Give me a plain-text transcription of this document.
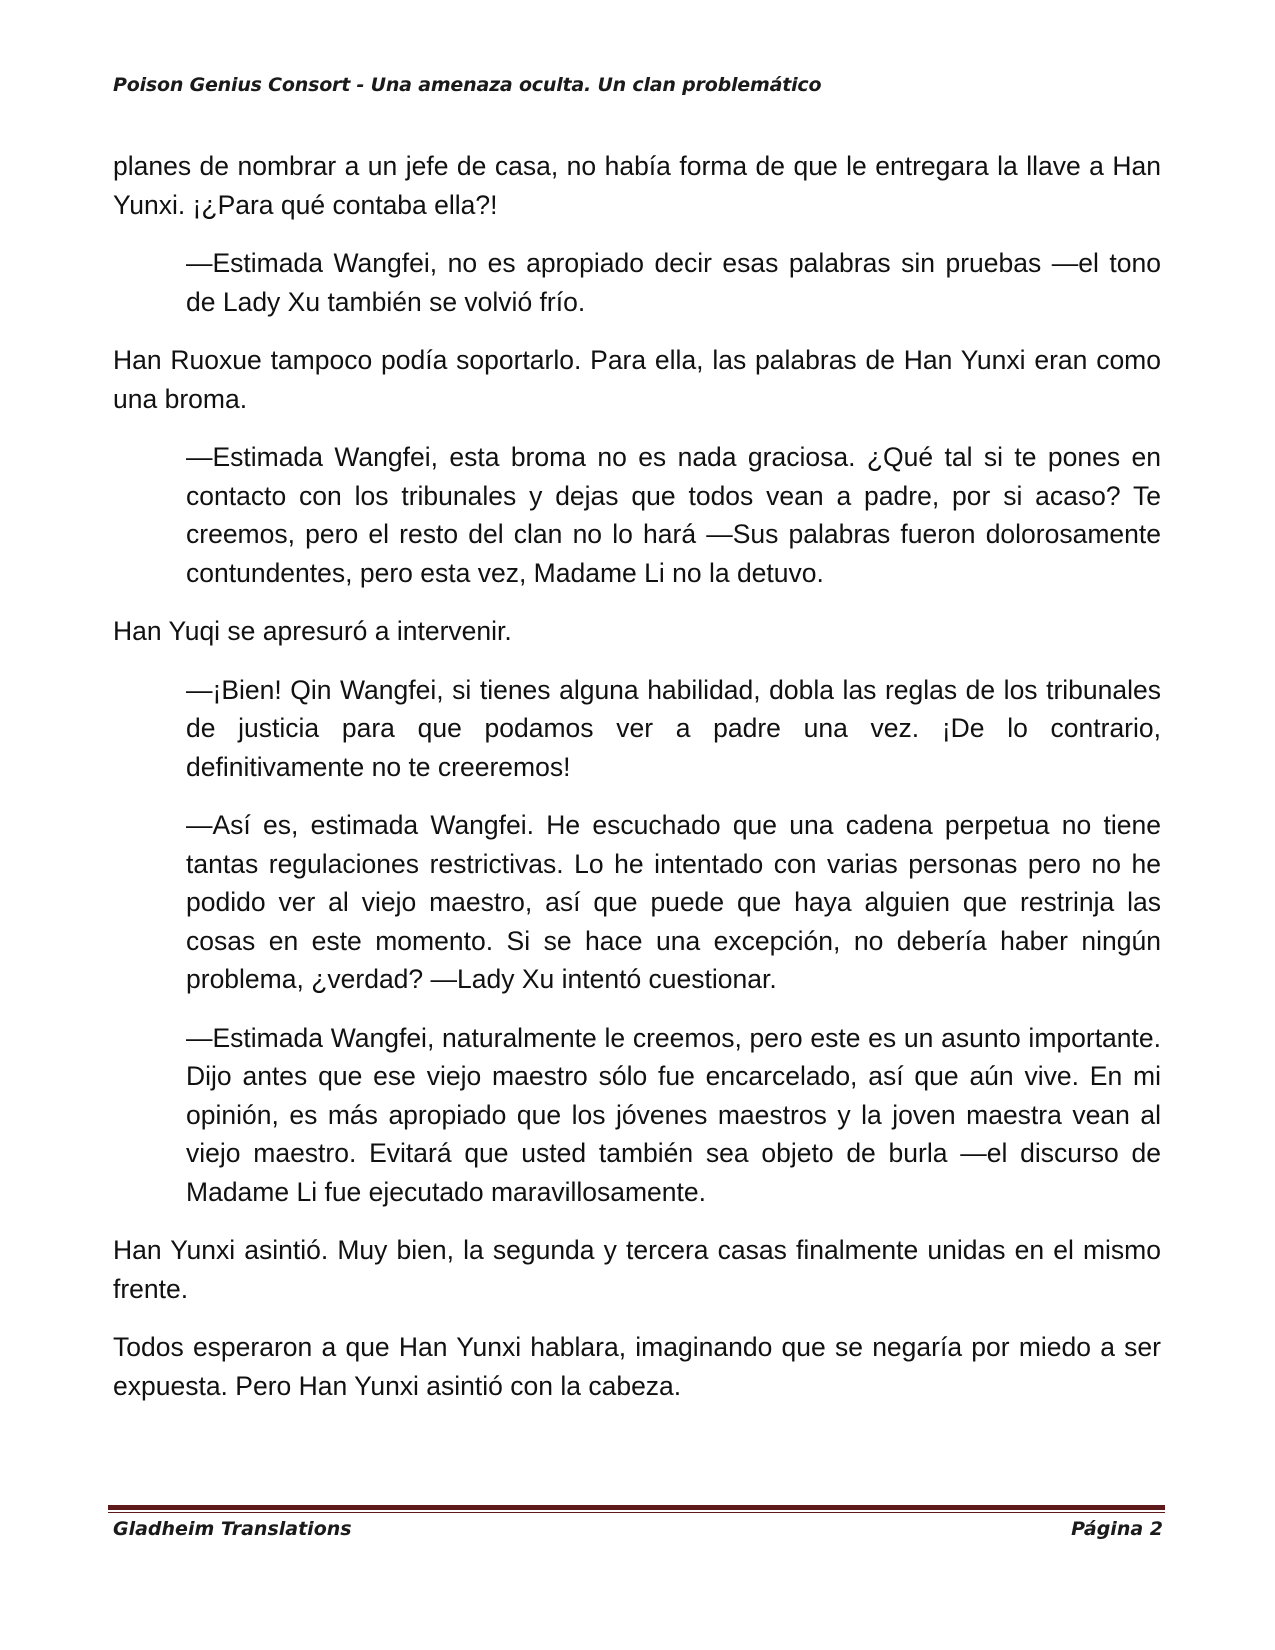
Poison Genius Consort - Una amenaza oculta. Un clan problemático

planes de nombrar a un jefe de casa, no había forma de que le entregara la llave a Han Yunxi. ¡¿Para qué contaba ella?!

—Estimada Wangfei, no es apropiado decir esas palabras sin pruebas —el tono de Lady Xu también se volvió frío.

Han Ruoxue tampoco podía soportarlo. Para ella, las palabras de Han Yunxi eran como una broma.

—Estimada Wangfei, esta broma no es nada graciosa. ¿Qué tal si te pones en contacto con los tribunales y dejas que todos vean a padre, por si acaso? Te creemos, pero el resto del clan no lo hará —Sus palabras fueron dolorosamente contundentes, pero esta vez, Madame Li no la detuvo.

Han Yuqi se apresuró a intervenir.

—¡Bien! Qin Wangfei, si tienes alguna habilidad, dobla las reglas de los tribunales de justicia para que podamos ver a padre una vez. ¡De lo contrario, definitivamente no te creeremos!

—Así es, estimada Wangfei. He escuchado que una cadena perpetua no tiene tantas regulaciones restrictivas. Lo he intentado con varias personas pero no he podido ver al viejo maestro, así que puede que haya alguien que restrinja las cosas en este momento. Si se hace una excepción, no debería haber ningún problema, ¿verdad? —Lady Xu intentó cuestionar.

—Estimada Wangfei, naturalmente le creemos, pero este es un asunto importante. Dijo antes que ese viejo maestro sólo fue encarcelado, así que aún vive. En mi opinión, es más apropiado que los jóvenes maestros y la joven maestra vean al viejo maestro. Evitará que usted también sea objeto de burla —el discurso de Madame Li fue ejecutado maravillosamente.

Han Yunxi asintió. Muy bien, la segunda y tercera casas finalmente unidas en el mismo frente.

Todos esperaron a que Han Yunxi hablara, imaginando que se negaría por miedo a ser expuesta. Pero Han Yunxi asintió con la cabeza.

Gladheim Translations	Página 2
